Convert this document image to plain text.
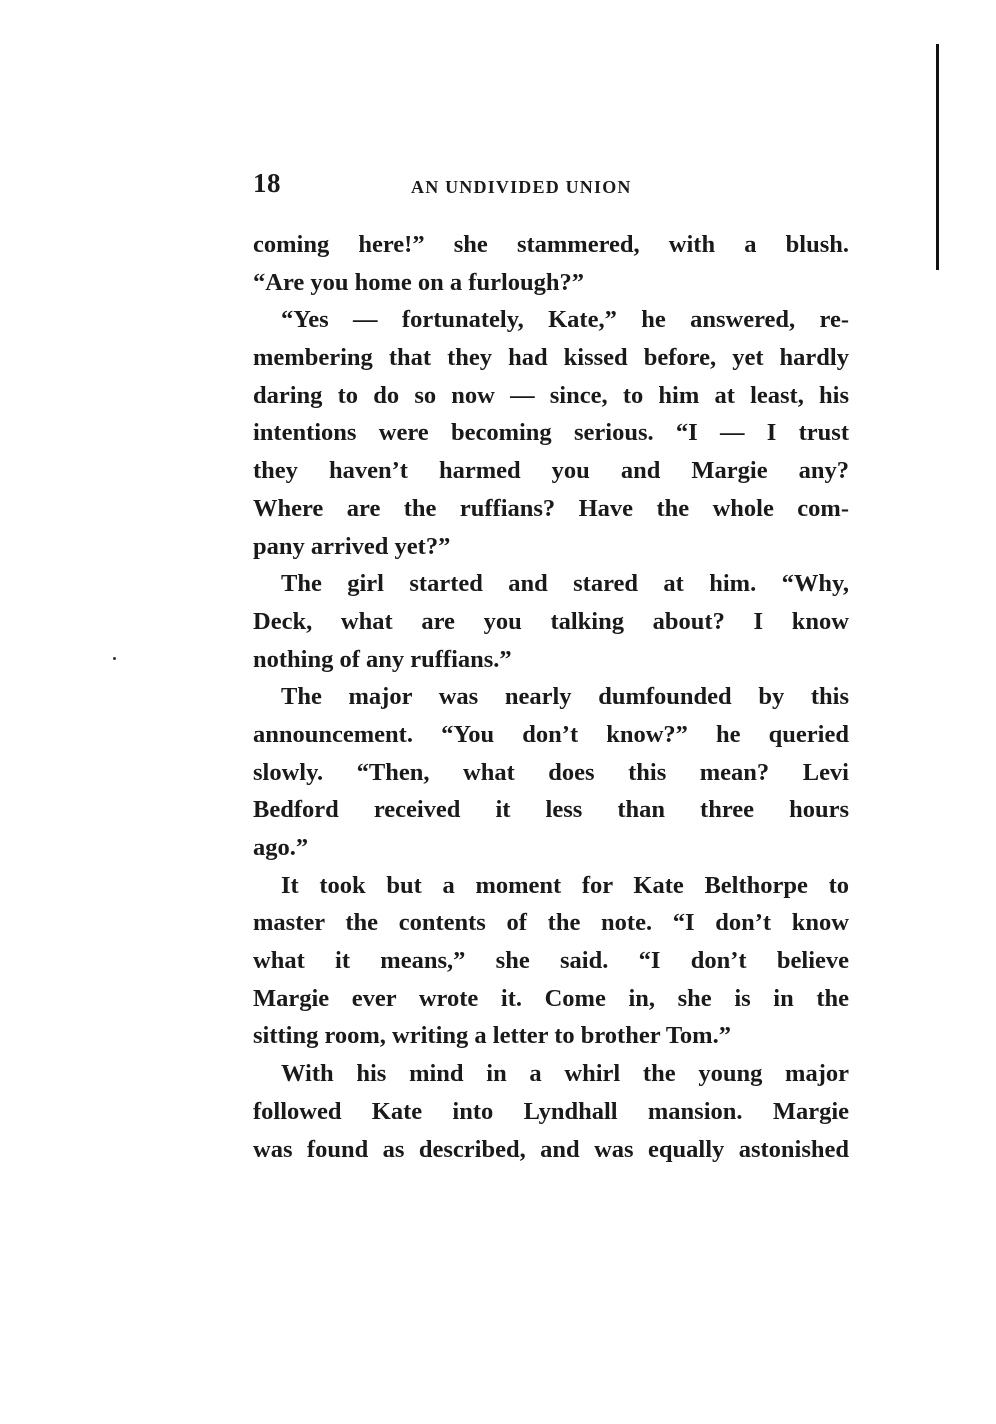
18	AN UNDIVIDED UNION
coming here!” she stammered, with a blush.
“Are you home on a furlough?”
“Yes — fortunately, Kate,” he answered, re-
membering that they had kissed before, yet hardly
daring to do so now — since, to him at least, his
intentions were becoming serious. “I — I trust
they haven’t harmed you and Margie any?
Where are the ruffians? Have the whole com-
pany arrived yet?”
The girl started and stared at him. “Why,
Deck, what are you talking about? I know
nothing of any ruffians.”
The major was nearly dumfounded by this
announcement. “You don’t know?” he queried
slowly. “Then, what does this mean? Levi
Bedford received it less than three hours
ago.”
It took but a moment for Kate Belthorpe to
master the contents of the note. “I don’t know
what it means,” she said. “I don’t believe
Margie ever wrote it. Come in, she is in the
sitting room, writing a letter to brother Tom.”
With his mind in a whirl the young major
followed Kate into Lyndhall mansion. Margie
was found as described, and was equally astonished
